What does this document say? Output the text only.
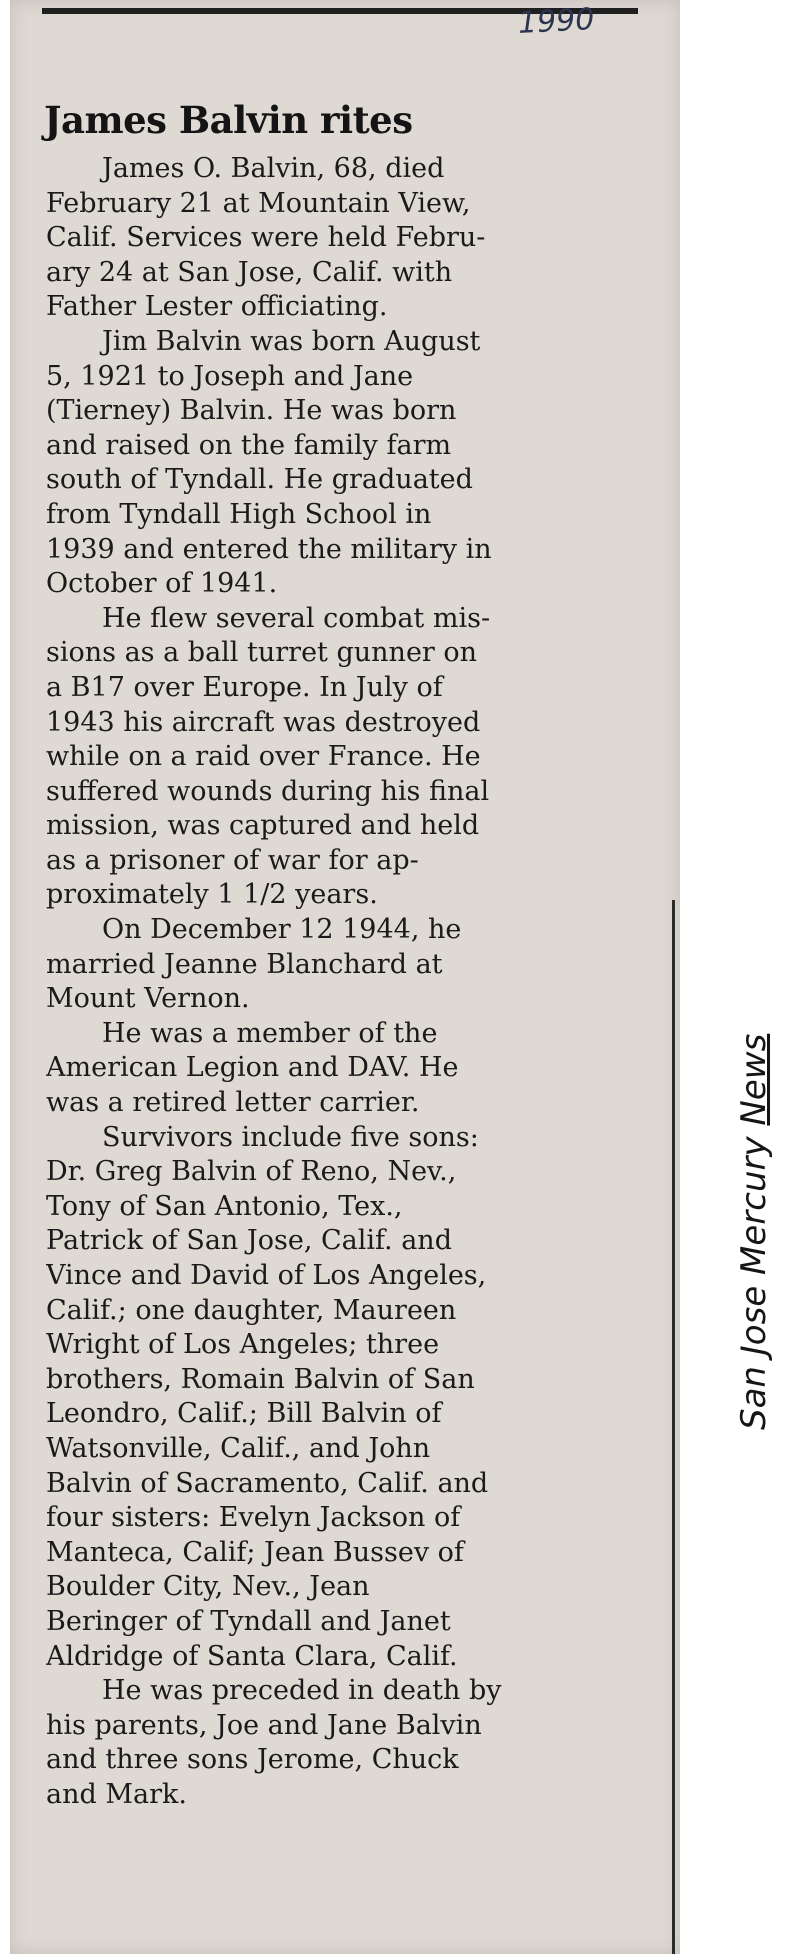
1990
James Balvin rites
James O. Balvin, 68, died
February 21 at Mountain View,
Calif. Services were held Febru-
ary 24 at San Jose, Calif. with
Father Lester officiating.
Jim Balvin was born August
5, 1921 to Joseph and Jane
(Tierney) Balvin. He was born
and raised on the family farm
south of Tyndall. He graduated
from Tyndall High School in
1939 and entered the military in
October of 1941.
He flew several combat mis-
sions as a ball turret gunner on
a B17 over Europe. In July of
1943 his aircraft was destroyed
while on a raid over France. He
suffered wounds during his final
mission, was captured and held
as a prisoner of war for ap-
proximately 1 1/2 years.
On December 12 1944, he
married Jeanne Blanchard at
Mount Vernon.
He was a member of the
American Legion and DAV. He
was a retired letter carrier.
Survivors include five sons:
Dr. Greg Balvin of Reno, Nev.,
Tony of San Antonio, Tex.,
Patrick of San Jose, Calif. and
Vince and David of Los Angeles,
Calif.; one daughter, Maureen
Wright of Los Angeles; three
brothers, Romain Balvin of San
Leondro, Calif.; Bill Balvin of
Watsonville, Calif., and John
Balvin of Sacramento, Calif. and
four sisters: Evelyn Jackson of
Manteca, Calif; Jean Bussev of
Boulder City, Nev., Jean
Beringer of Tyndall and Janet
Aldridge of Santa Clara, Calif.
He was preceded in death by
his parents, Joe and Jane Balvin
and three sons Jerome, Chuck
and Mark.
San Jose Mercury News
